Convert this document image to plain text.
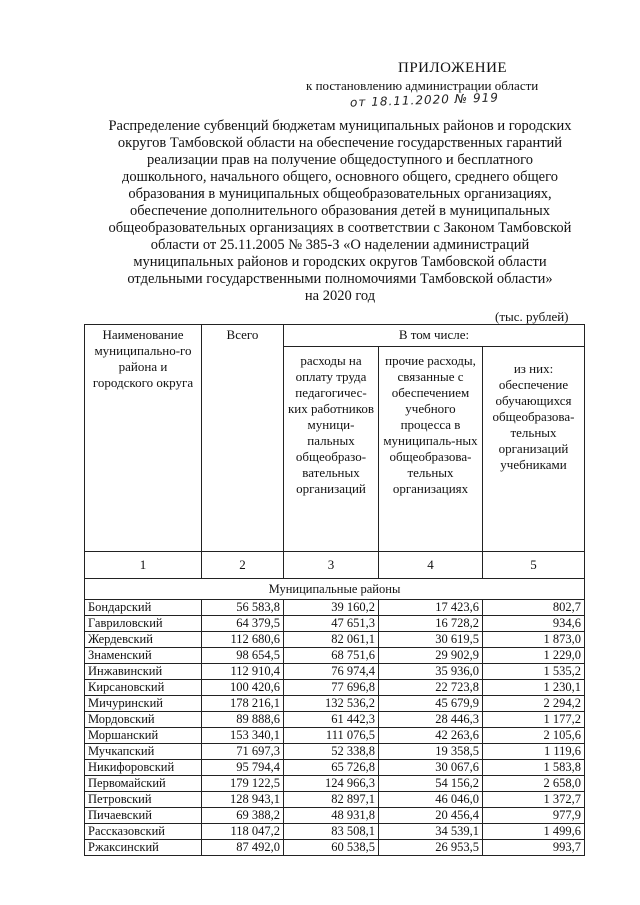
ПРИЛОЖЕНИЕ
к постановлению администрации области
от 18.11.2020 № 919
Распределение субвенций бюджетам муниципальных районов и городских
округов Тамбовской области на обеспечение государственных гарантий
реализации прав на получение общедоступного и бесплатного
дошкольного, начального общего, основного общего, среднего общего
образования в муниципальных общеобразовательных организациях,
обеспечение дополнительного образования детей в муниципальных
общеобразовательных организациях в соответствии с Законом Тамбовской
области от 25.11.2005 № 385-З «О наделении администраций
муниципальных районов и городских округов Тамбовской области
отдельными государственными полномочиями Тамбовской области»
на 2020 год
(тыс. рублей)
Наименование муниципально-го района и городского округа	Всего	В том числе:		
		расходы на оплату труда педагогичес-ких работников муници-пальных общеобразо-вательных организаций	прочие расходы, связанные с обеспечением учебного процесса в муниципаль-ных общеобразова-тельных организациях	из них: обеспечение обучающихся общеобразова-тельных организаций учебниками
1	2	3	4	5
Муниципальные районы				
Бондарский	56 583,8	39 160,2	17 423,6	802,7
Гавриловский	64 379,5	47 651,3	16 728,2	934,6
Жердевский	112 680,6	82 061,1	30 619,5	1 873,0
Знаменский	98 654,5	68 751,6	29 902,9	1 229,0
Инжавинский	112 910,4	76 974,4	35 936,0	1 535,2
Кирсановский	100 420,6	77 696,8	22 723,8	1 230,1
Мичуринский	178 216,1	132 536,2	45 679,9	2 294,2
Мордовский	89 888,6	61 442,3	28 446,3	1 177,2
Моршанский	153 340,1	111 076,5	42 263,6	2 105,6
Мучкапский	71 697,3	52 338,8	19 358,5	1 119,6
Никифоровский	95 794,4	65 726,8	30 067,6	1 583,8
Первомайский	179 122,5	124 966,3	54 156,2	2 658,0
Петровский	128 943,1	82 897,1	46 046,0	1 372,7
Пичаевский	69 388,2	48 931,8	20 456,4	977,9
Рассказовский	118 047,2	83 508,1	34 539,1	1 499,6
Ржаксинский	87 492,0	60 538,5	26 953,5	993,7
